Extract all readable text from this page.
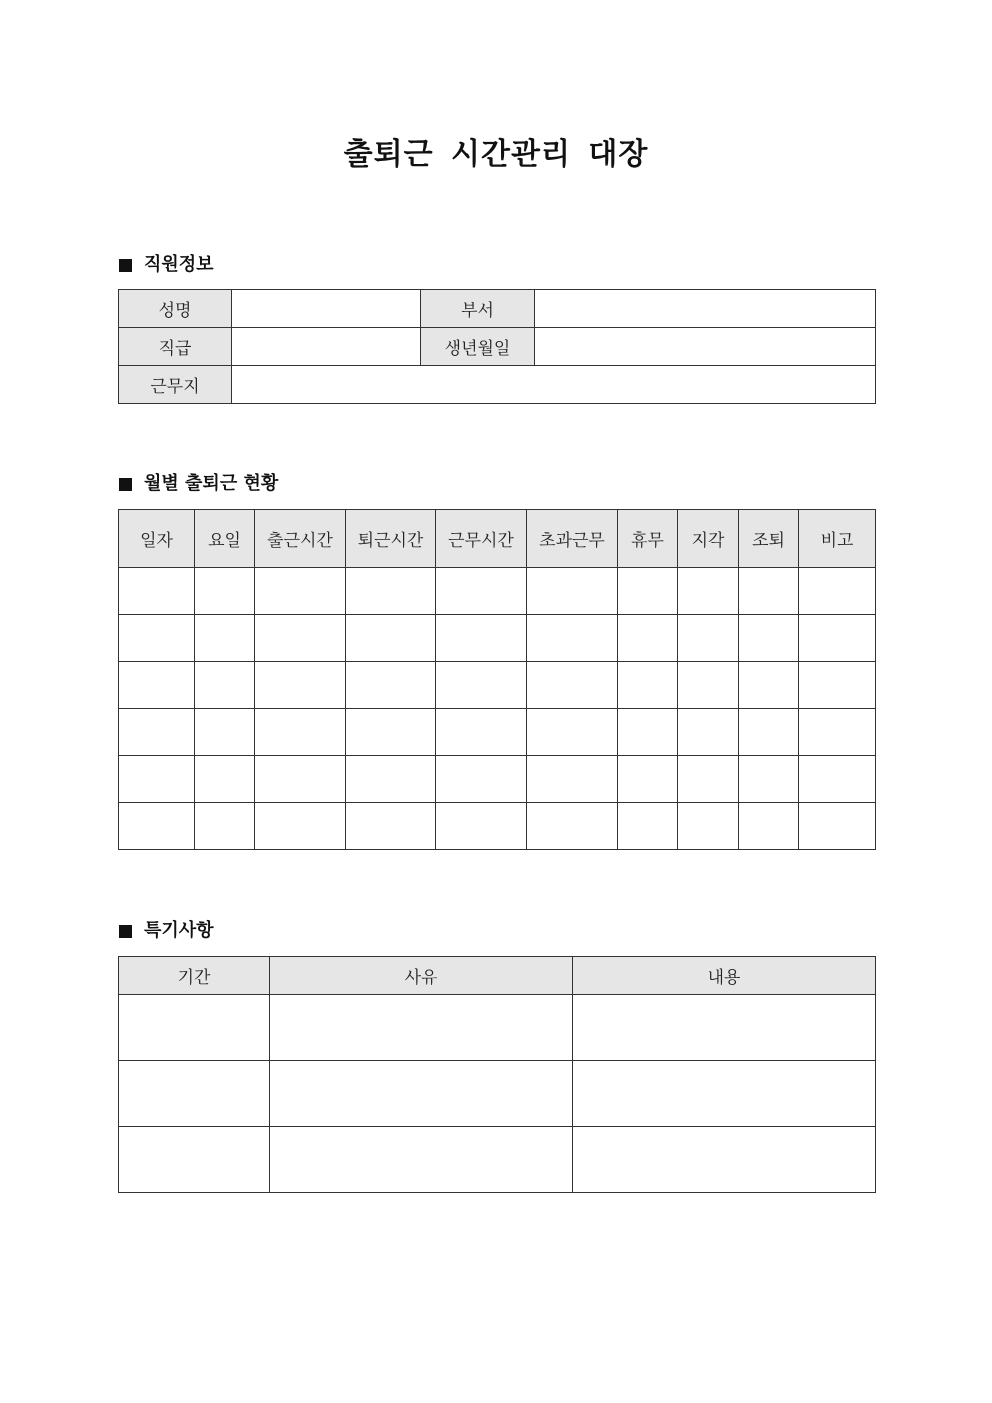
출퇴근 시간관리 대장
직원정보
성명		부서	
직급		생년월일	
근무지			
월별 출퇴근 현황
일자	요일	출근시간	퇴근시간	근무시간	초과근무	휴무	지각	조퇴	비고

특기사항
기간	사유	내용
